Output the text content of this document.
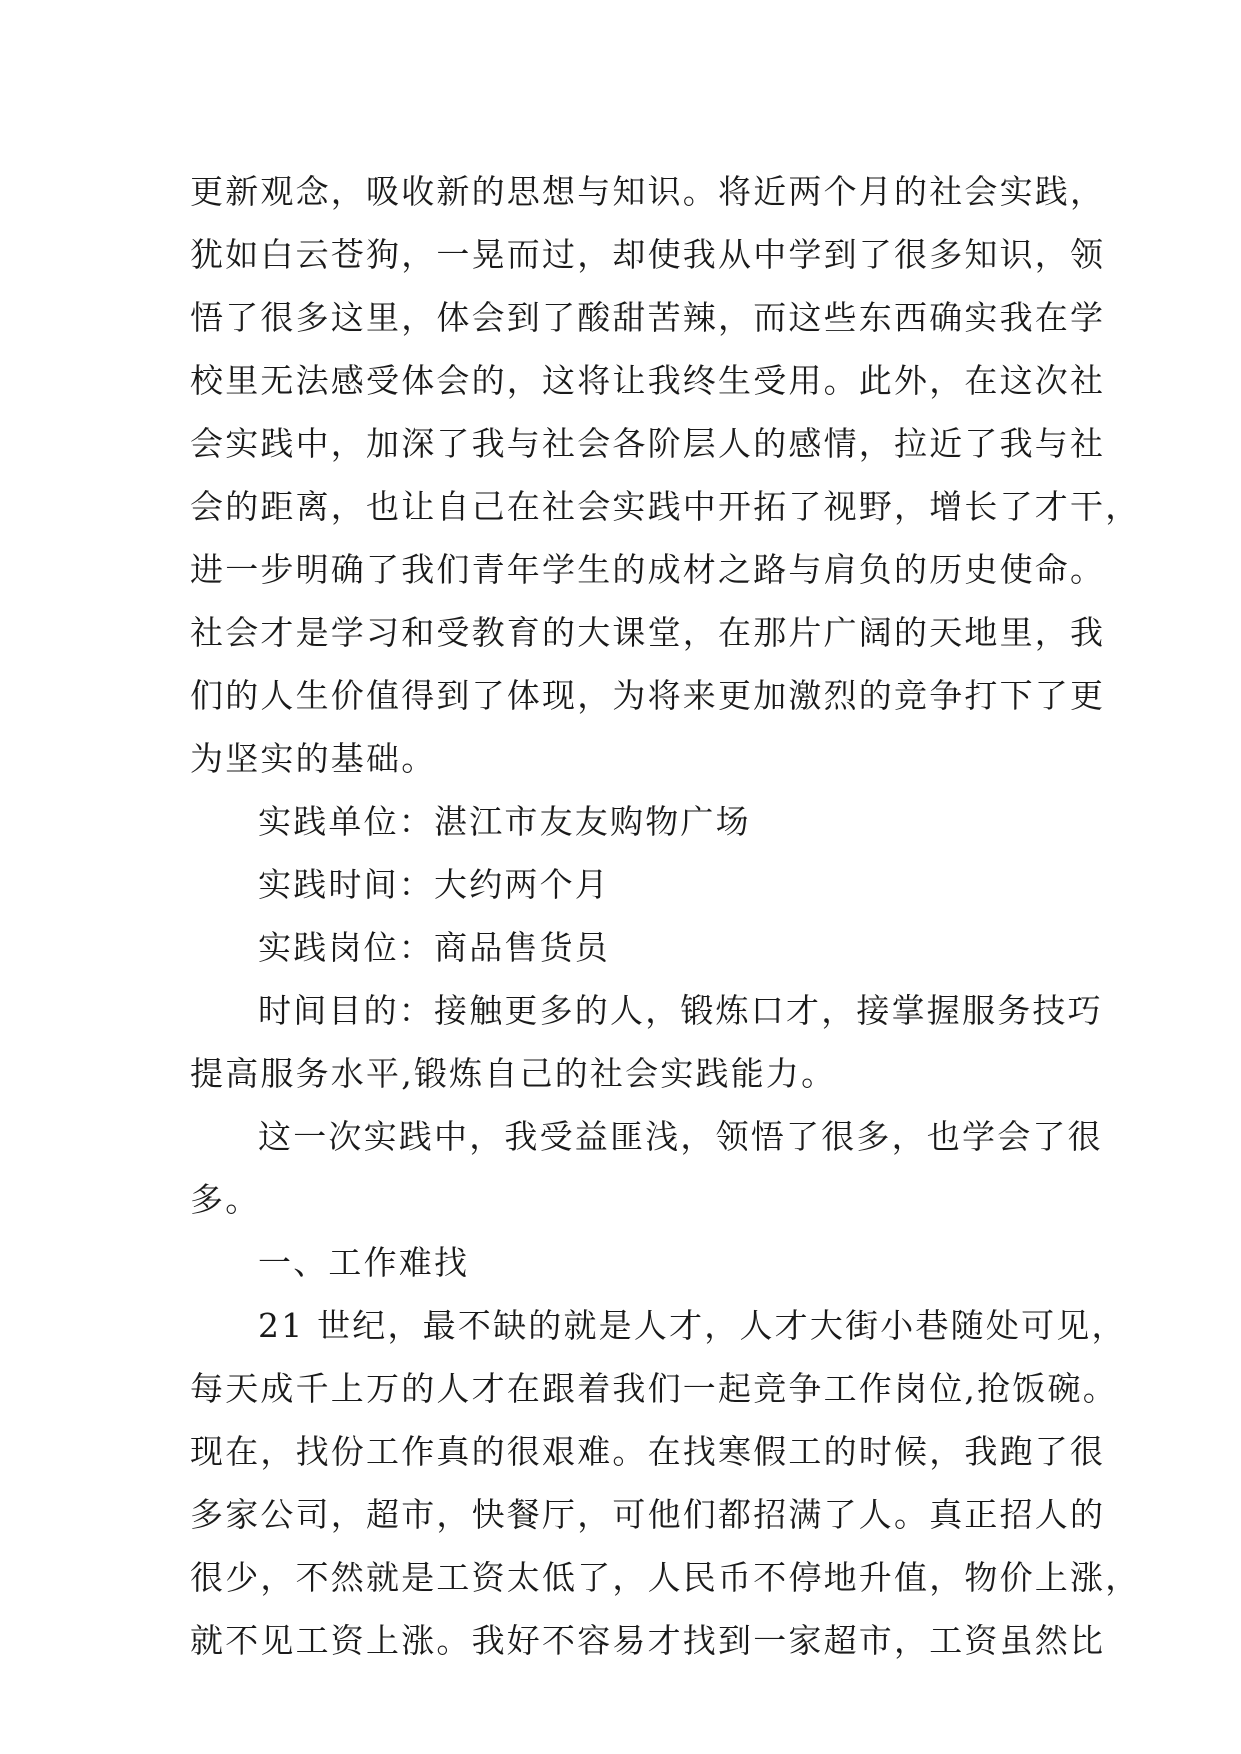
更新观念，吸收新的思想与知识。将近两个月的社会实践，
犹如白云苍狗，一晃而过，却使我从中学到了很多知识，领
悟了很多这里，体会到了酸甜苦辣，而这些东西确实我在学
校里无法感受体会的，这将让我终生受用。此外，在这次社
会实践中，加深了我与社会各阶层人的感情，拉近了我与社
会的距离，也让自己在社会实践中开拓了视野，增长了才干，
进一步明确了我们青年学生的成材之路与肩负的历史使命。
社会才是学习和受教育的大课堂，在那片广阔的天地里，我
们的人生价值得到了体现，为将来更加激烈的竞争打下了更
为坚实的基础。
实践单位：湛江市友友购物广场
实践时间：大约两个月
实践岗位：商品售货员
时间目的：接触更多的人，锻炼口才，接掌握服务技巧
提高服务水平,锻炼自己的社会实践能力。
这一次实践中，我受益匪浅，领悟了很多，也学会了很
多。
一、工作难找
21 世纪，最不缺的就是人才，人才大街小巷随处可见，
每天成千上万的人才在跟着我们一起竞争工作岗位,抢饭碗。
现在，找份工作真的很艰难。在找寒假工的时候，我跑了很
多家公司，超市，快餐厅，可他们都招满了人。真正招人的
很少，不然就是工资太低了，人民币不停地升值，物价上涨，
就不见工资上涨。我好不容易才找到一家超市，工资虽然比
